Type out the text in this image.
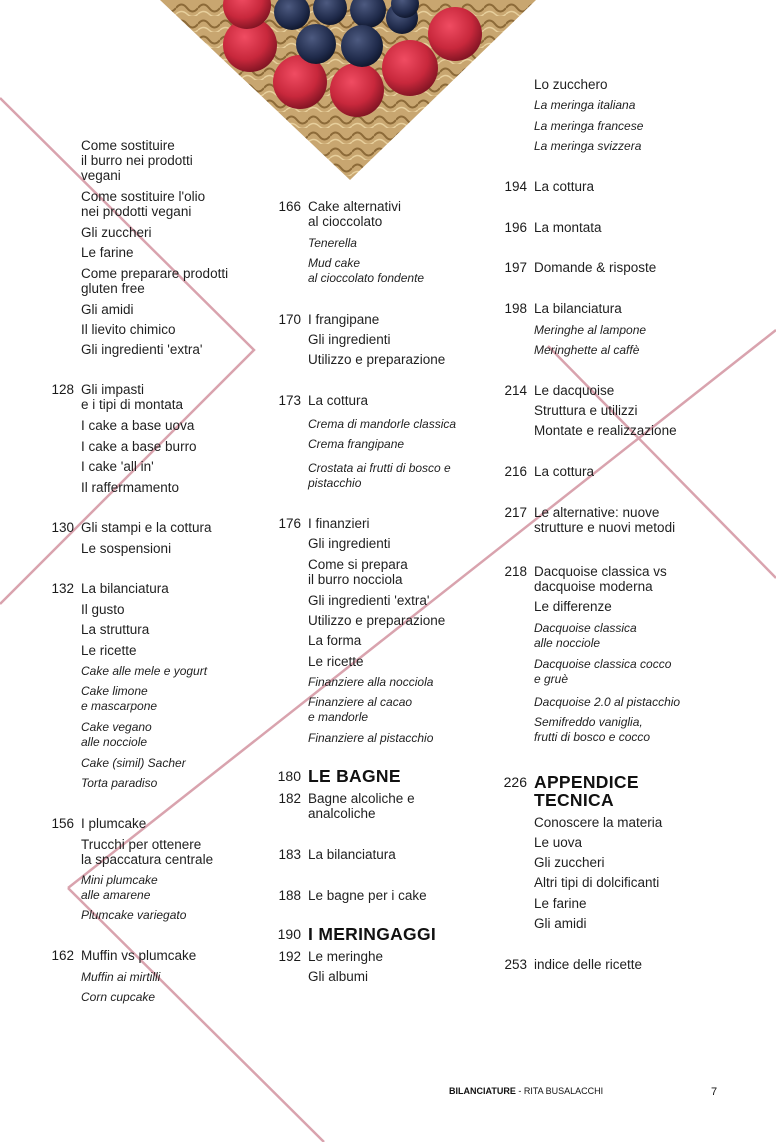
Come sostituire
il burro nei prodotti
vegani
Come sostituire l'olio
nei prodotti vegani
Gli zuccheri
Le farine
Come preparare prodotti
gluten free
Gli amidi
Il lievito chimico
Gli ingredienti 'extra'
128 Gli impasti
e i tipi di montata
I cake a base uova
I cake a base burro
I cake 'all in'
Il raffermamento
130 Gli stampi e la cottura
Le sospensioni
132 La bilanciatura
Il gusto
La struttura
Le ricette
Cake alle mele e yogurt
Cake limone
e mascarpone
Cake vegano
alle nocciole
Cake (simil) Sacher
Torta paradiso
156 I plumcake
Trucchi per ottenere
la spaccatura centrale
Mini plumcake
alle amarene
Plumcake variegato
162 Muffin vs plumcake
Muffin ai mirtilli
Corn cupcake
166 Cake alternativi
al cioccolato
Tenerella
Mud cake
al cioccolato fondente
170 I frangipane
Gli ingredienti
Utilizzo e preparazione
173 La cottura
Crema di mandorle classica
Crema frangipane
Crostata ai frutti di bosco e
pistacchio
176 I finanzieri
Gli ingredienti
Come si prepara
il burro nocciola
Gli ingredienti 'extra'
Utilizzo e preparazione
La forma
Le ricette
Finanziere alla nocciola
Finanziere al cacao
e mandorle
Finanziere al pistacchio
180 LE BAGNE
182 Bagne alcoliche e
analcoliche
183 La bilanciatura
188 Le bagne per i cake
190 I MERINGAGGI
192 Le meringhe
Gli albumi
Lo zucchero
La meringa italiana
La meringa francese
La meringa svizzera
194 La cottura
196 La montata
197 Domande & risposte
198 La bilanciatura
Meringhe al lampone
Meringhette al caffè
214 Le dacquoise
Struttura e utilizzi
Montate e realizzazione
216 La cottura
217 Le alternative: nuove
strutture e nuovi metodi
218 Dacquoise classica vs
dacquoise moderna
Le differenze
Dacquoise classica
alle nocciole
Dacquoise classica cocco
e gruè
Dacquoise 2.0 al pistacchio
Semifreddo vaniglia,
frutti di bosco e cocco
226 APPENDICE
TECNICA
Conoscere la materia
Le uova
Gli zuccheri
Altri tipi di dolcificanti
Le farine
Gli amidi
253 indice delle ricette
BILANCIATURE - RITA BUSALACCHI	7
